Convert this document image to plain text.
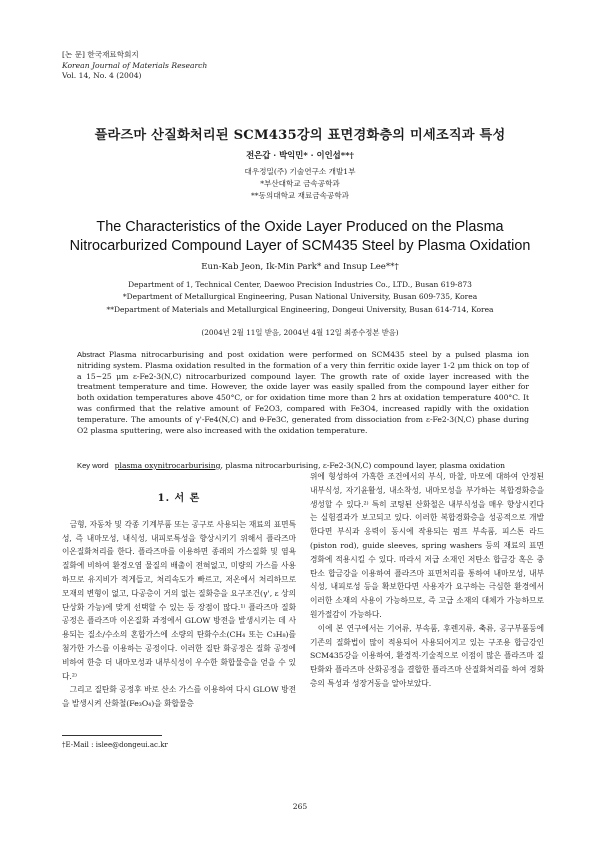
[논 문] 한국재료학회지
Korean Journal of Materials Research
Vol. 14, No. 4 (2004)
플라즈마 산질화처리된 SCM435강의 표면경화층의 미세조직과 특성
전은갑 · 박익민* · 이인섭**†
대우정밀(주) 기술연구소 개발1부
*부산대학교 금속공학과
**동의대학교 재료금속공학과
The Characteristics of the Oxide Layer Produced on the Plasma
Nitrocarburized Compound Layer of SCM435 Steel by Plasma Oxidation
Eun-Kab Jeon, Ik-Min Park* and Insup Lee**†
Department of 1, Technical Center, Daewoo Precision Industries Co., LTD., Busan 619-873
*Department of Metallurgical Engineering, Pusan National University, Busan 609-735, Korea
**Department of Materials and Metallurgical Engineering, Dongeui University, Busan 614-714, Korea
(2004년 2월 11일 받음, 2004년 4월 12일 최종수정본 받음)
Abstract Plasma nitrocarburising and post oxidation were performed on SCM435 steel by a pulsed plasma ion nitriding system. Plasma oxidation resulted in the formation of a very thin ferritic oxide layer 1-2 μm thick on top of a 15~25 μm ε-Fe2-3(N,C) nitrocarburized compound layer. The growth rate of oxide layer increased with the treatment temperature and time. However, the oxide layer was easily spalled from the compound layer either for both oxidation temperatures above 450°C, or for oxidation time more than 2 hrs at oxidation temperature 400°C. It was confirmed that the relative amount of Fe2O3, compared with Fe3O4, increased rapidly with the oxidation temperature. The amounts of γ'-Fe4(N,C) and θ-Fe3C, generated from dissociation from ε-Fe2-3(N,C) phase during O2 plasma sputtering, were also increased with the oxidation temperature.
Key word plasma oxynitrocarburising, plasma nitrocarburising, ε-Fe2-3(N,C) compound layer, plasma oxidation
1. 서 론

금형, 자동차 및 각종 기계부품 또는 공구로 사용되는 재료의 표면특성, 즉 내마모성, 내식성, 내피로특성을 향상시키기 위해서 플라즈마 이온질화처리를 한다. 플라즈마를 이용하면 종래의 가스질화 및 염욕질화에 비하여 환경오염 물질의 배출이 전혀없고, 미량의 가스를 사용하므로 유지비가 적게들고, 처리속도가 빠르고, 저온에서 처리하므로 모재의 변형이 없고, 다공층이 거의 없는 질화층을 요구조건(γ', ε 상의 단상화 가능)에 맞게 선택할 수 있는 등 장점이 많다.¹⁾ 플라즈마 질화 공정은 플라즈마 이온질화 과정에서 GLOW 방전을 발생시키는 데 사용되는 질소/수소의 혼합가스에 소량의 탄화수소(CH₄ 또는 C₃H₈)를 첨가한 가스를 이용하는 공정이다. 이러한 질탄 화공정은 질화 공정에 비하여 한층 더 내마모성과 내부식성이 우수한 화합물층을 얻을 수 있다.²⁾

그리고 질탄화 공정후 바로 산소 가스를 이용하여 다시 GLOW 방전을 발생시켜 산화철(Fe₃O₄)을 화합물층

위에 형성하여 가혹한 조건에서의 부식, 마찰, 마모에 대하여 안정된 내부식성, 자기윤활성, 내소착성, 내마모성을 부가하는 복합경화층을 생성할 수 있다.²⁾ 특히 코팅된 산화철은 내부식성을 매우 향상시킨다는 실험결과가 보고되고 있다. 이러한 복합경화층을 성공적으로 개발한다면 부식과 응력이 동시에 작용되는 펌프 부속품, 피스톤 라드(piston rod), guide sleeves, spring washers 등의 재료의 표면 경화에 적용시킬 수 있다. 따라서 저급 소재인 저탄소 합금강 혹은 중탄소 합금강을 이용하여 플라즈마 표면처리를 통하여 내마모성, 내부식성, 내피로성 등을 확보한다면 사용자가 요구하는 극심한 환경에서 이러한 소재의 사용이 가능하므로, 즉 고급 소재의 대체가 가능하므로 원가절감이 가능하다.

이에 본 연구에서는 기어류, 부속품, 후렌지류, 축류, 공구부품등에 기존의 질화법이 많이 적용되어 사용되어지고 있는 구조용 합금강인 SCM435강을 이용하여, 환경적·기술적으로 이점이 많은 플라즈마 질탄화와 플라즈마 산화공정을 결합한 플라즈마 산질화처리를 하여 경화층의 특성과 성장거동을 알아보았다.

†E-Mail : islee@dongeui.ac.kr
265
